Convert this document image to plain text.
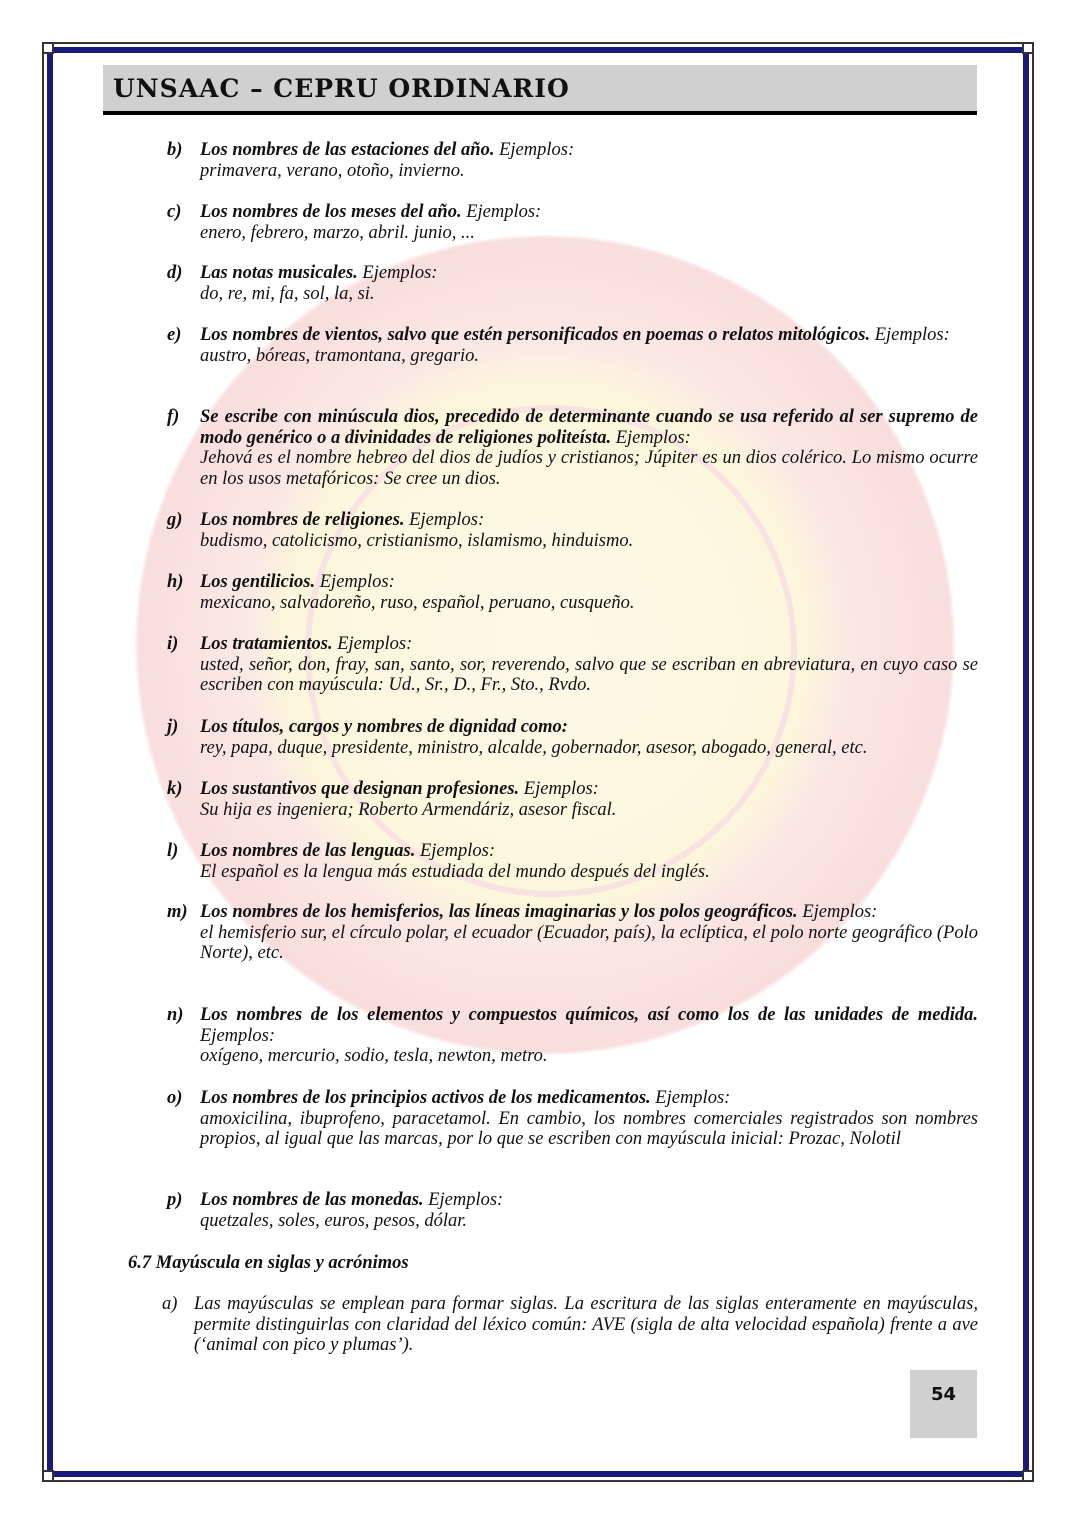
UNSAAC – CEPRU ORDINARIO
b) Los nombres de las estaciones del año. Ejemplos:
primavera, verano, otoño, invierno.
c) Los nombres de los meses del año. Ejemplos:
enero, febrero, marzo, abril. junio, ...
d) Las notas musicales. Ejemplos:
do, re, mi, fa, sol, la, si.
e) Los nombres de vientos, salvo que estén personificados en poemas o relatos mitológicos. Ejemplos:
austro, bóreas, tramontana, gregario.
f) Se escribe con minúscula dios, precedido de determinante cuando se usa referido al ser supremo de modo genérico o a divinidades de religiones politeísta. Ejemplos:
Jehová es el nombre hebreo del dios de judíos y cristianos; Júpiter es un dios colérico. Lo mismo ocurre en los usos metafóricos: Se cree un dios.
g) Los nombres de religiones. Ejemplos:
budismo, catolicismo, cristianismo, islamismo, hinduismo.
h) Los gentilicios. Ejemplos:
mexicano, salvadoreño, ruso, español, peruano, cusqueño.
i) Los tratamientos. Ejemplos:
usted, señor, don, fray, san, santo, sor, reverendo, salvo que se escriban en abreviatura, en cuyo caso se escriben con mayúscula: Ud., Sr., D., Fr., Sto., Rvdo.
j) Los títulos, cargos y nombres de dignidad como:
rey, papa, duque, presidente, ministro, alcalde, gobernador, asesor, abogado, general, etc.
k) Los sustantivos que designan profesiones. Ejemplos:
Su hija es ingeniera; Roberto Armendáriz, asesor fiscal.
l) Los nombres de las lenguas. Ejemplos:
El español es la lengua más estudiada del mundo después del inglés.
m) Los nombres de los hemisferios, las líneas imaginarias y los polos geográficos. Ejemplos:
el hemisferio sur, el círculo polar, el ecuador (Ecuador, país), la eclíptica, el polo norte geográfico (Polo Norte), etc.
n) Los nombres de los elementos y compuestos químicos, así como los de las unidades de medida. Ejemplos:
oxígeno, mercurio, sodio, tesla, newton, metro.
o) Los nombres de los principios activos de los medicamentos. Ejemplos:
amoxicilina, ibuprofeno, paracetamol. En cambio, los nombres comerciales registrados son nombres propios, al igual que las marcas, por lo que se escriben con mayúscula inicial: Prozac, Nolotil
p) Los nombres de las monedas. Ejemplos:
quetzales, soles, euros, pesos, dólar.
6.7 Mayúscula en siglas y acrónimos
a) Las mayúsculas se emplean para formar siglas. La escritura de las siglas enteramente en mayúsculas, permite distinguirlas con claridad del léxico común: AVE (sigla de alta velocidad española) frente a ave (‘animal con pico y plumas’).
54
